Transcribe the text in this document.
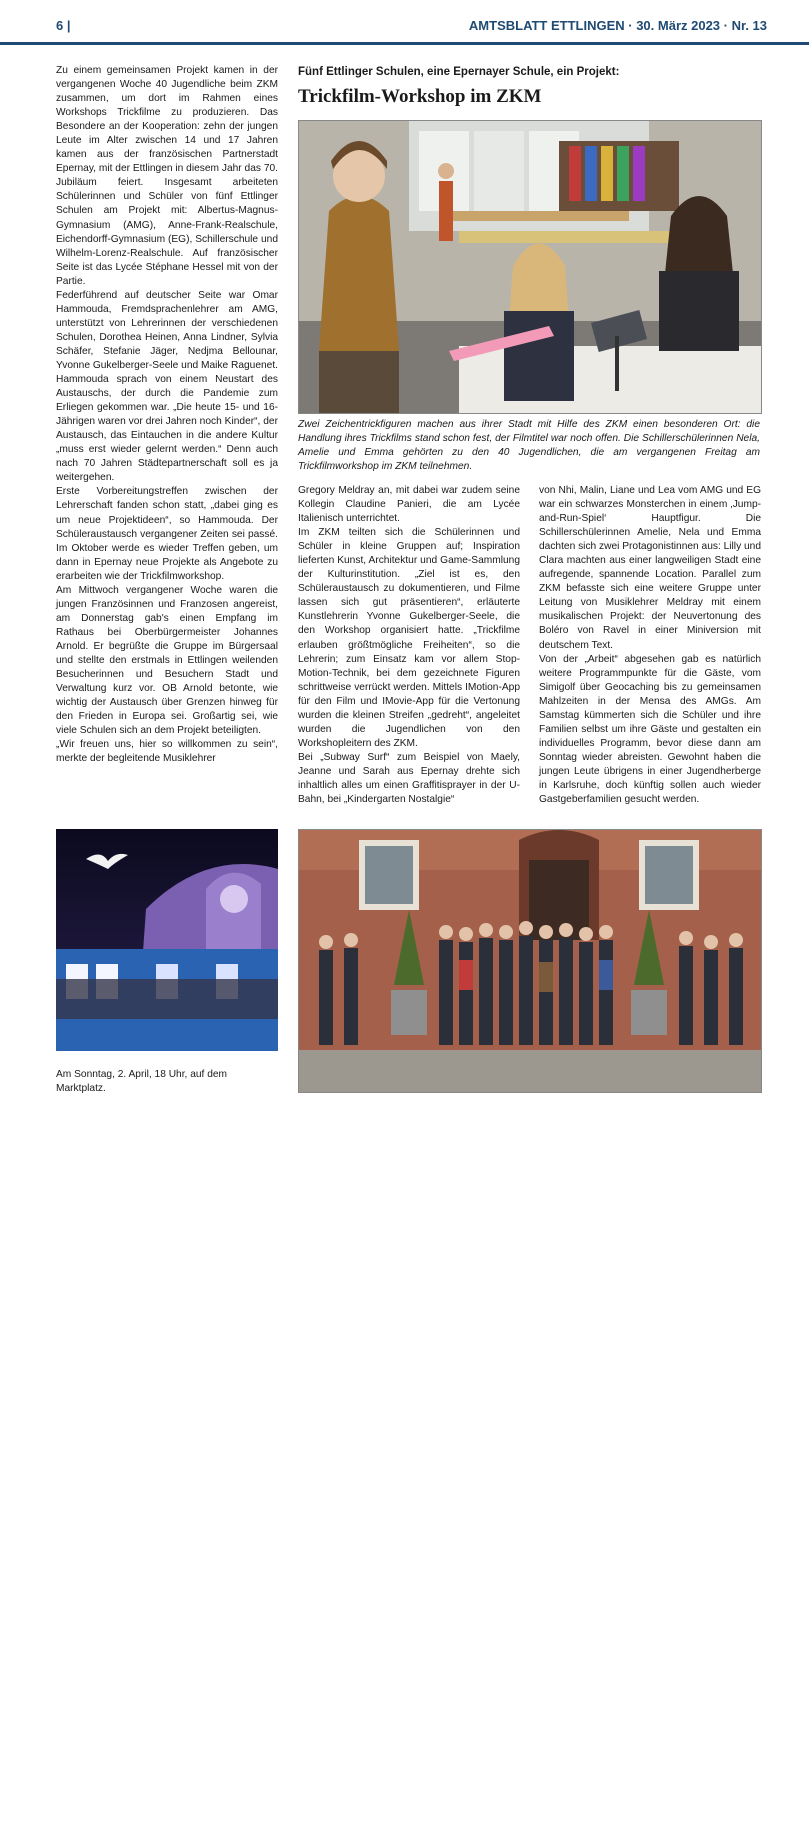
6 |	AMTSBLATT ETTLINGEN · 30. März 2023 · Nr. 13

Zu einem gemeinsamen Projekt kamen in der vergangenen Woche 40 Jugendliche beim ZKM zusammen, um dort im Rahmen eines Workshops Trickfilme zu produzieren. Das Besondere an der Kooperation: zehn der jungen Leute im Alter zwischen 14 und 17 Jahren kamen aus der französischen Partnerstadt Epernay, mit der Ettlingen in diesem Jahr das 70. Jubiläum feiert. Insgesamt arbeiteten Schülerinnen und Schüler von fünf Ettlinger Schulen am Projekt mit: Albertus-Magnus-Gymnasium (AMG), Anne-Frank-Realschule, Eichendorff-Gymnasium (EG), Schillerschule und Wilhelm-Lorenz-Realschule. Auf französischer Seite ist das Lycée Stéphane Hessel mit von der Partie.

Federführend auf deutscher Seite war Omar Hammouda, Fremdsprachenlehrer am AMG, unterstützt von Lehrerinnen der verschiedenen Schulen, Dorothea Heinen, Anna Lindner, Sylvia Schäfer, Stefanie Jäger, Nedjma Bellounar, Yvonne Gukelberger-Seele und Maike Raguenet. Hammouda sprach von einem Neustart des Austauschs, der durch die Pandemie zum Erliegen gekommen war. „Die heute 15- und 16-Jährigen waren vor drei Jahren noch Kinder“, der Austausch, das Eintauchen in die andere Kultur „muss erst wieder gelernt werden.“ Denn auch nach 70 Jahren Städtepartnerschaft soll es ja weitergehen.

Erste Vorbereitungstreffen zwischen der Lehrerschaft fanden schon statt, „dabei ging es um neue Projektideen“, so Hammouda. Der Schüleraustausch vergangener Zeiten sei passé. Im Oktober werde es wieder Treffen geben, um dann in Epernay neue Projekte als Angebote zu erarbeiten wie der Trickfilmworkshop.

Am Mittwoch vergangener Woche waren die jungen Französinnen und Franzosen angereist, am Donnerstag gab's einen Empfang im Rathaus bei Oberbürgermeister Johannes Arnold. Er begrüßte die Gruppe im Bürgersaal und stellte den erstmals in Ettlingen weilenden Besucherinnen und Besuchern Stadt und Verwaltung kurz vor. OB Arnold betonte, wie wichtig der Austausch über Grenzen hinweg für den Frieden in Europa sei. Großartig sei, wie viele Schulen sich an dem Projekt beteiligten.

„Wir freuen uns, hier so willkommen zu sein“, merkte der begleitende Musiklehrer

Fünf Ettlinger Schulen, eine Epernayer Schule, ein Projekt:
Trickfilm-Workshop im ZKM
Zwei Zeichentrickfiguren machen aus ihrer Stadt mit Hilfe des ZKM einen besonderen Ort: die Handlung ihres Trickfilms stand schon fest, der Filmtitel war noch offen. Die Schillerschülerinnen Nela, Amelie und Emma gehörten zu den 40 Jugendlichen, die am vergangenen Freitag am Trickfilmworkshop im ZKM teilnehmen.

Gregory Meldray an, mit dabei war zudem seine Kollegin Claudine Panieri, die am Lycée Italienisch unterrichtet.

Im ZKM teilten sich die Schülerinnen und Schüler in kleine Gruppen auf; Inspiration lieferten Kunst, Architektur und Game-Sammlung der Kulturinstitution. „Ziel ist es, den Schüleraustausch zu dokumentieren, und Filme lassen sich gut präsentieren“, erläuterte Kunstlehrerin Yvonne Gukelberger-Seele, die den Workshop organisiert hatte. „Trickfilme erlauben größtmögliche Freiheiten“, so die Lehrerin; zum Einsatz kam vor allem Stop-Motion-Technik, bei dem gezeichnete Figuren schrittweise verrückt werden. Mittels IMotion-App für den Film und IMovie-App für die Vertonung wurden die kleinen Streifen „gedreht“, angeleitet wurden die Jugendlichen von den Workshopleitern des ZKM.

Bei „Subway Surf“ zum Beispiel von Maely, Jeanne und Sarah aus Epernay drehte sich inhaltlich alles um einen Graffitisprayer in der U-Bahn, bei „Kindergarten Nostalgie“

von Nhi, Malin, Liane und Lea vom AMG und EG war ein schwarzes Monsterchen in einem ‚Jump-and-Run-Spiel‘ Hauptfigur. Die Schillerschülerinnen Amelie, Nela und Emma dachten sich zwei Protagonistinnen aus: Lilly und Clara machten aus einer langweiligen Stadt eine aufregende, spannende Location. Parallel zum ZKM befasste sich eine weitere Gruppe unter Leitung von Musiklehrer Meldray mit einem musikalischen Projekt: der Neuvertonung des Boléro von Ravel in einer Miniversion mit deutschem Text.

Von der „Arbeit“ abgesehen gab es natürlich weitere Programmpunkte für die Gäste, vom Simigolf über Geocaching bis zu gemeinsamen Mahlzeiten in der Mensa des AMGs. Am Samstag kümmerten sich die Schüler und ihre Familien selbst um ihre Gäste und gestalten ein individuelles Programm, bevor diese dann am Sonntag wieder abreisten. Gewohnt haben die jungen Leute übrigens in einer Jugendherberge in Karlsruhe, doch künftig sollen auch wieder Gastgeberfamilien gesucht werden.

DIE ETTLINGER KIRCHEN LADEN EIN
ZUM FRIEDENSGEBET
Am Sonntag, 2. April, 18 Uhr, auf dem Marktplatz.
